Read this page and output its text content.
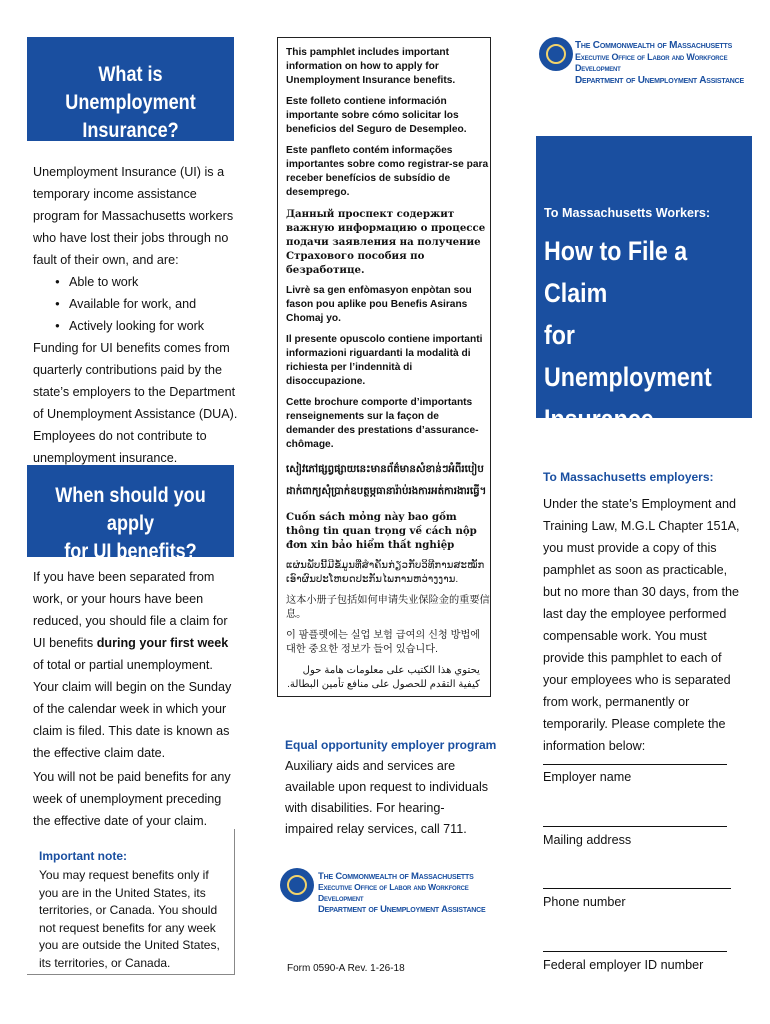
What is Unemployment
Insurance?

Unemployment Insurance (UI) is a temporary income assistance program for Massachusetts workers who have lost their jobs through no fault of their own, and are:

● Able to work
● Available for work, and
● Actively looking for work

Funding for UI benefits comes from quarterly contributions paid by the state’s employers to the Department of Unemployment Assistance (DUA). Employees do not contribute to unemployment insurance.

When should you apply
for UI benefits?

If you have been separated from work, or your hours have been reduced, you should file a claim for UI benefits during your first week of total or partial unemployment. Your claim will begin on the Sunday of the calendar week in which your claim is filed. This date is known as the effective claim date.

You will not be paid benefits for any week of unemployment preceding the effective date of your claim.

Important note:
You may request benefits only if you are in the United States, its territories, or Canada. You should not request benefits for any week you are outside the United States, its territories, or Canada.

This pamphlet includes important information on how to apply for Unemployment Insurance benefits.

Este folleto contiene información importante sobre cómo solicitar los beneficios del Seguro de Desempleo.

Este panfleto contém informações importantes sobre como registrar-se para receber benefícios de subsídio de desemprego.

Данный проспект содержит важную информацию о процессе подачи заявления на получение Страхового пособия по безработице.

Livrè sa gen enfòmasyon enpòtan sou fason pou aplike pou Benefis Asirans Chomaj yo.

Il presente opuscolo contiene importanti informazioni riguardanti la modalità di richiesta per l’indennità di disoccupazione.

Cette brochure comporte d’importants renseignements sur la façon de demander des prestations d’assurance-chômage.

សៀវភៅផ្សព្វផ្សាយនេះមានព័ត៌មានសំខាន់ៗអំពីរបៀបដាក់ពាក្យសុំប្រាក់ឧបត្ថម្ភធានារ៉ាប់រងការអត់ការងារធ្វើ។

Cuốn sách mỏng này bao gồm thông tin quan trọng về cách nộp đơn xin bảo hiểm thất nghiệp

ແຜ່ນພັບນີ້ມີຂໍ້ມູນທີ່ສຳຄັນກ່ຽວກັບວິທີການສະໝັກເອົາຜົນປະໂຫຍດປະກັນໄພການຫວ່າງງານ.

这本小册子包括如何申请失业保险金的重要信息。

이 팜플렛에는 실업 보험 급여의 신청 방법에 대한 중요한 정보가 들어 있습니다.

يحتوي هذا الكتيب على معلومات هامة حول كيفية التقدم للحصول على منافع تأمين البطالة.

Equal opportunity employer program
Auxiliary aids and services are available upon request to individuals with disabilities. For hearing-impaired relay services, call 711.
The Commonwealth of Massachusetts
Executive Office of Labor and Workforce Development
Department of Unemployment Assistance
Form 0590-A Rev. 1-26-18
The Commonwealth of Massachusetts
Executive Office of Labor and Workforce Development
Department of Unemployment Assistance
To Massachusetts Workers:
How to File a Claim
for Unemployment
Insurance Benefits
To Massachusetts employers:
Under the state’s Employment and Training Law, M.G.L Chapter 151A, you must provide a copy of this pamphlet as soon as practicable, but no more than 30 days, from the last day the employee performed compensable work. You must provide this pamphlet to each of your employees who is separated from work, permanently or temporarily. Please complete the information below:
Employer name
Mailing address
Phone number
Federal employer ID number
